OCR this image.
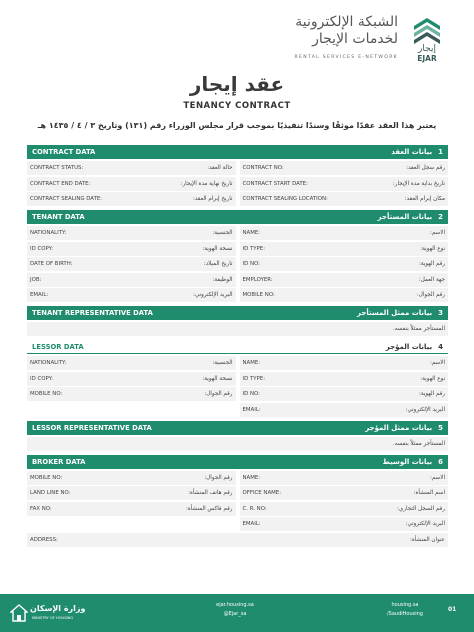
الشبكة الإلكترونية
لخدمات الإيجار
RENTAL SERVICES E-NETWORK
إيجار
EJAR
عقد إيجار
TENANCY CONTRACT
يعتبر هذا العقد عقدًا موثقًا وسندًا تنفيذيًا بموجب قرار مجلس الوزراء رقم (١٣١) وتاريخ ٣ / ٤ / ١٤٣٥ هـ
CONTRACT DATA	1بيانات العقد
CONTRACT STATUS:	حالة العقد: CONTRACT NO:	رقم سجل العقد:
CONTRACT END DATE:	تاريخ نهاية مدة الإيجار: CONTRACT START DATE:	تاريخ بداية مدة الإيجار:
CONTRACT SEALING DATE:	تاريخ إبرام العقد: CONTRACT SEALING LOCATION:	مكان إبرام العقد:
TENANT DATA	2بيانات المستأجر
NATIONALITY:	الجنسية: NAME:	الاسم:
ID COPY:	نسخة الهوية: ID TYPE:	نوع الهوية:
DATE OF BIRTH:	تاريخ الميلاد: ID NO:	رقم الهوية:
JOB:	الوظيفة: EMPLOYER:	جهة العمل:
EMAIL:	البريد الإلكتروني: MOBILE NO:	رقم الجوال:
TENANT REPRESENTATIVE DATA	3بيانات ممثل المستأجر
المستأجر ممثلاً بنفسه.
LESSOR DATA	4بيانات المؤجر
NATIONALITY:	الجنسية: NAME:	الاسم:
ID COPY:	نسخة الهوية: ID TYPE:	نوع الهوية:
MOBILE NO:	رقم الجوال: ID NO:	رقم الهوية:
EMAIL:	البريد الإلكتروني:
LESSOR REPRESENTATIVE DATA	5بيانات ممثل المؤجر
المستأجر ممثلاً بنفسه.
BROKER DATA	6بيانات الوسيط
MOBILE NO:	رقم الجوال: NAME:	الاسم:
LAND LINE NO:	رقم هاتف المنشأة: OFFICE NAME:	اسم المنشأة:
FAX NO:	رقم فاكس المنشأة: C. R. NO:	رقم السجل التجاري:
EMAIL:	البريد الإلكتروني:
ADDRESS:	عنوان المنشأة:
وزارة الإسكان
MINISTRY OF HOUSING
ejar.housing.sa
@Ejar_sa
housing.sa
/SaudiHousing
01
